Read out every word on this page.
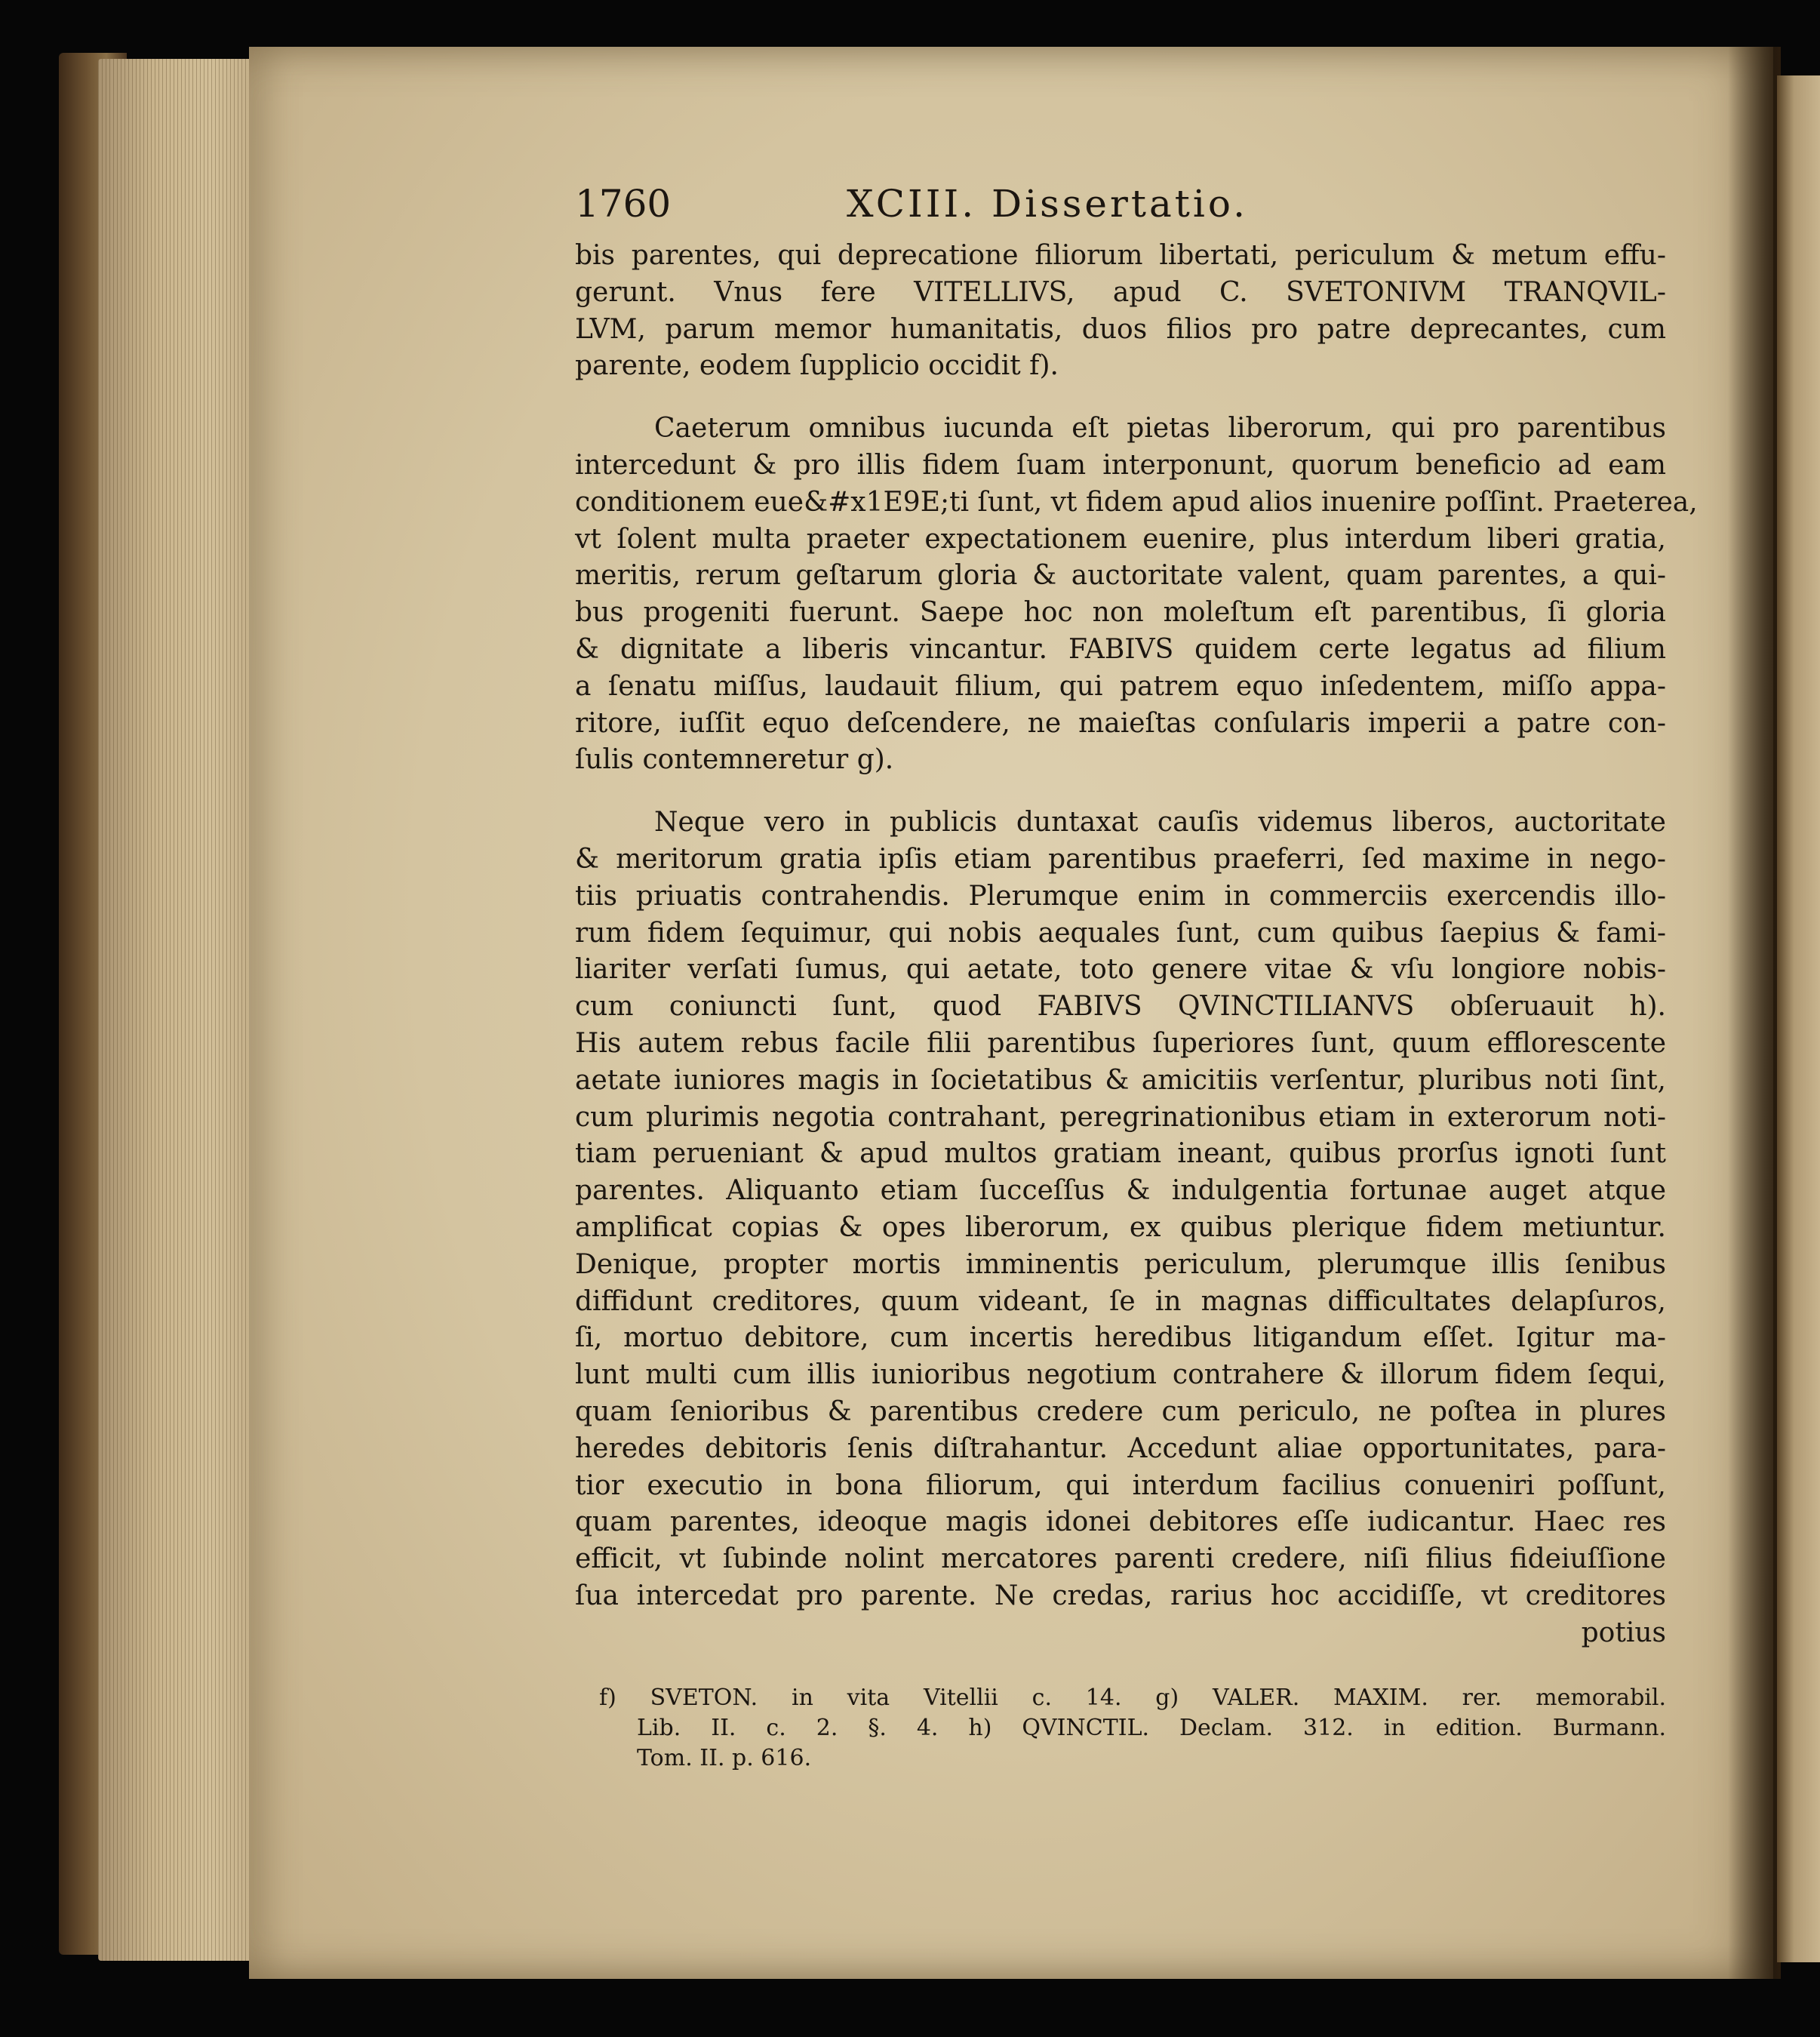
1760	XCIII. Dissertatio.
bis parentes, qui deprecatione filiorum libertati, periculum & metum effu-
gerunt. Vnus fere VITELLIVS, apud C. SVETONIVM TRANQVIL-
LVM, parum memor humanitatis, duos filios pro patre deprecantes, cum
parente, eodem ſupplicio occidit f).
Caeterum omnibus iucunda eſt pietas liberorum, qui pro parentibus
intercedunt & pro illis fidem ſuam interponunt, quorum beneficio ad eam
conditionem eue&#x1E9E;ti ſunt, vt fidem apud alios inuenire poſſint. Praeterea,
vt ſolent multa praeter expectationem euenire, plus interdum liberi gratia,
meritis, rerum geſtarum gloria & auctoritate valent, quam parentes, a qui-
bus progeniti fuerunt. Saepe hoc non moleſtum eſt parentibus, ſi gloria
& dignitate a liberis vincantur. FABIVS quidem certe legatus ad filium
a ſenatu miſſus, laudauit filium, qui patrem equo inſedentem, miſſo appa-
ritore, iuſſit equo deſcendere, ne maieſtas conſularis imperii a patre con-
ſulis contemneretur g).
Neque vero in publicis duntaxat cauſis videmus liberos, auctoritate
& meritorum gratia ipſis etiam parentibus praeferri, ſed maxime in nego-
tiis priuatis contrahendis. Plerumque enim in commerciis exercendis illo-
rum fidem ſequimur, qui nobis aequales ſunt, cum quibus ſaepius & fami-
liariter verſati ſumus, qui aetate, toto genere vitae & vſu longiore nobis-
cum coniuncti ſunt, quod FABIVS QVINCTILIANVS obſeruauit h).
His autem rebus facile filii parentibus ſuperiores ſunt, quum efflorescente
aetate iuniores magis in ſocietatibus & amicitiis verſentur, pluribus noti ſint,
cum plurimis negotia contrahant, peregrinationibus etiam in exterorum noti-
tiam perueniant & apud multos gratiam ineant, quibus prorſus ignoti ſunt
parentes. Aliquanto etiam ſucceſſus & indulgentia fortunae auget atque
amplificat copias & opes liberorum, ex quibus plerique fidem metiuntur.
Denique, propter mortis imminentis periculum, plerumque illis ſenibus
diffidunt creditores, quum videant, ſe in magnas difficultates delapſuros,
ſi, mortuo debitore, cum incertis heredibus litigandum eſſet. Igitur ma-
lunt multi cum illis iunioribus negotium contrahere & illorum fidem ſequi,
quam ſenioribus & parentibus credere cum periculo, ne poſtea in plures
heredes debitoris ſenis diſtrahantur. Accedunt aliae opportunitates, para-
tior executio in bona filiorum, qui interdum facilius conueniri poſſunt,
quam parentes, ideoque magis idonei debitores eſſe iudicantur. Haec res
efficit, vt ſubinde nolint mercatores parenti credere, niſi filius fideiuſſione
ſua intercedat pro parente. Ne credas, rarius hoc accidiſſe, vt creditores
potius
f) SVETON. in vita Vitellii c. 14. g) VALER. MAXIM. rer. memorabil.
Lib. II. c. 2. §. 4. h) QVINCTIL. Declam. 312. in edition. Burmann.
Tom. II. p. 616.
